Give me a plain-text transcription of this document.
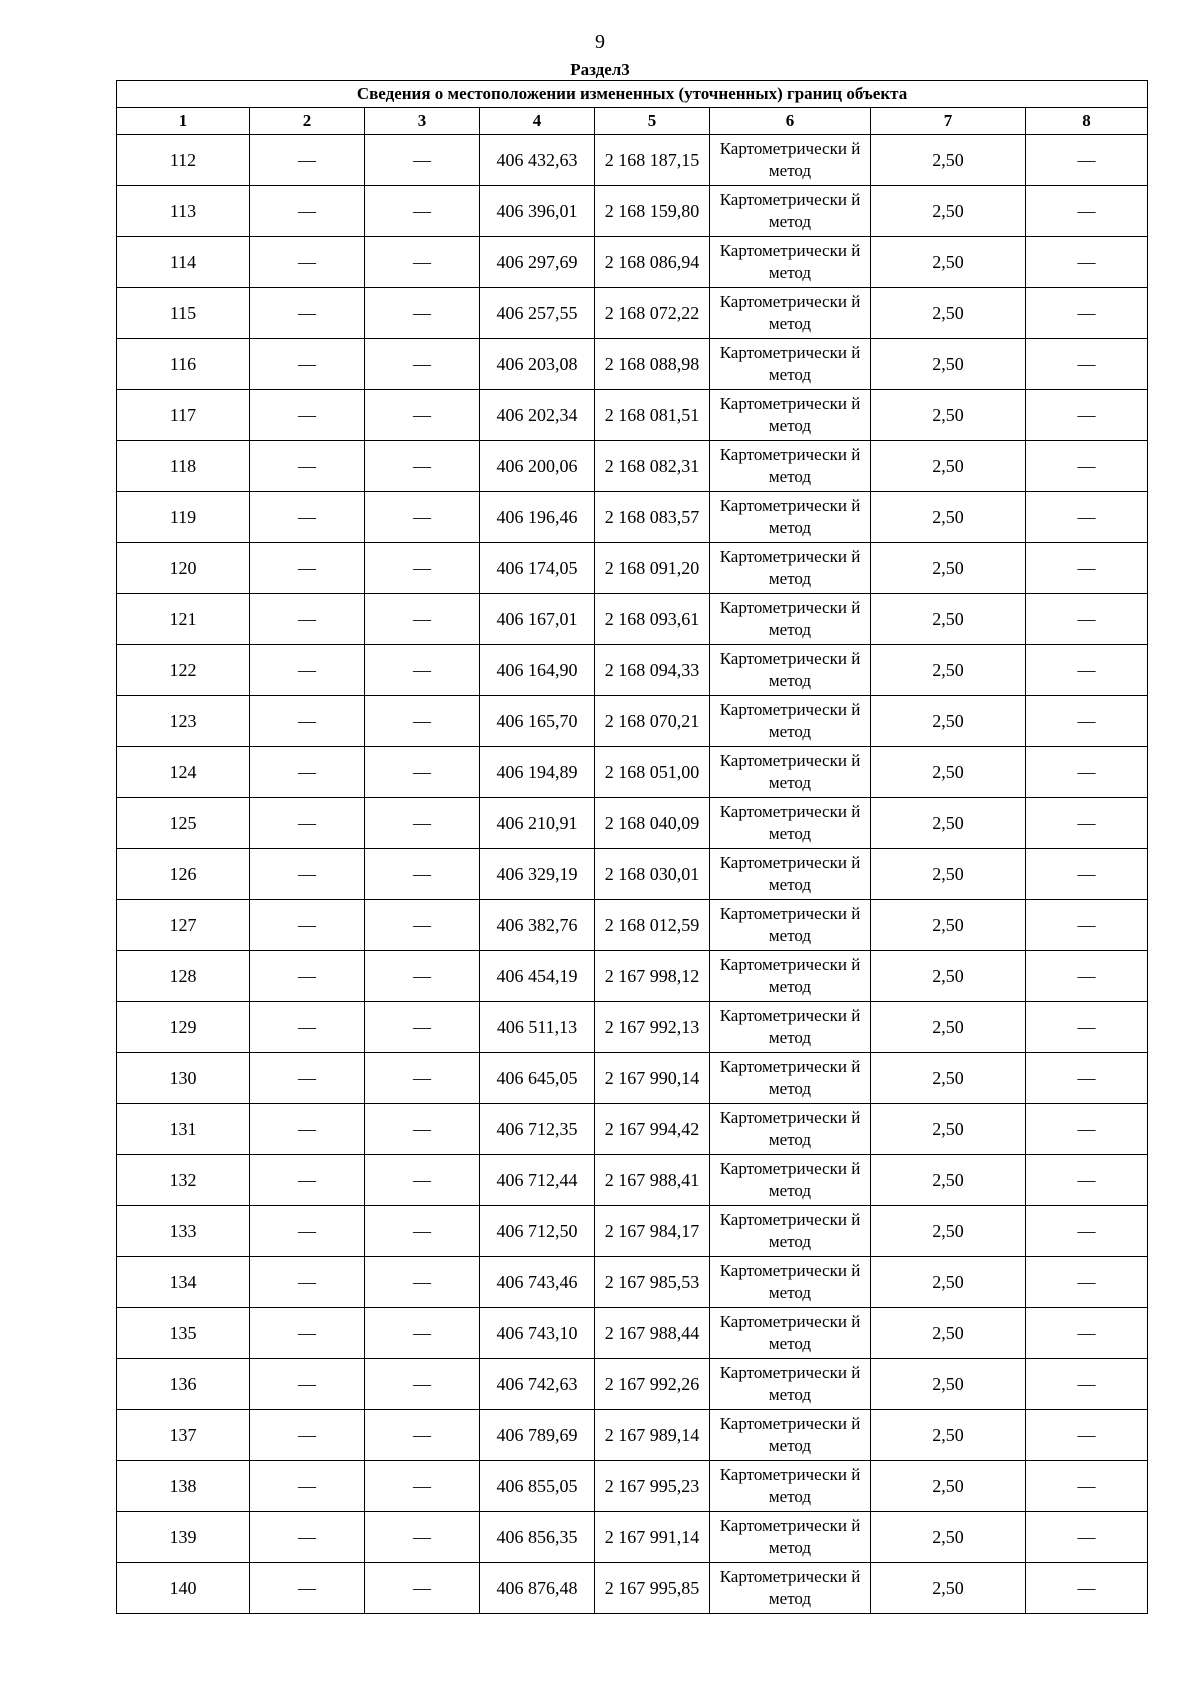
9
Раздел3
Сведения о местоположении измененных (уточненных) границ объекта							
1	2	3	4	5	6	7	8
112	—	—	406 432,63	2 168 187,15	Картометрически й метод	2,50	—
113	—	—	406 396,01	2 168 159,80	Картометрически й метод	2,50	—
114	—	—	406 297,69	2 168 086,94	Картометрически й метод	2,50	—
115	—	—	406 257,55	2 168 072,22	Картометрически й метод	2,50	—
116	—	—	406 203,08	2 168 088,98	Картометрически й метод	2,50	—
117	—	—	406 202,34	2 168 081,51	Картометрически й метод	2,50	—
118	—	—	406 200,06	2 168 082,31	Картометрически й метод	2,50	—
119	—	—	406 196,46	2 168 083,57	Картометрически й метод	2,50	—
120	—	—	406 174,05	2 168 091,20	Картометрически й метод	2,50	—
121	—	—	406 167,01	2 168 093,61	Картометрически й метод	2,50	—
122	—	—	406 164,90	2 168 094,33	Картометрически й метод	2,50	—
123	—	—	406 165,70	2 168 070,21	Картометрически й метод	2,50	—
124	—	—	406 194,89	2 168 051,00	Картометрически й метод	2,50	—
125	—	—	406 210,91	2 168 040,09	Картометрически й метод	2,50	—
126	—	—	406 329,19	2 168 030,01	Картометрически й метод	2,50	—
127	—	—	406 382,76	2 168 012,59	Картометрически й метод	2,50	—
128	—	—	406 454,19	2 167 998,12	Картометрически й метод	2,50	—
129	—	—	406 511,13	2 167 992,13	Картометрически й метод	2,50	—
130	—	—	406 645,05	2 167 990,14	Картометрически й метод	2,50	—
131	—	—	406 712,35	2 167 994,42	Картометрически й метод	2,50	—
132	—	—	406 712,44	2 167 988,41	Картометрически й метод	2,50	—
133	—	—	406 712,50	2 167 984,17	Картометрически й метод	2,50	—
134	—	—	406 743,46	2 167 985,53	Картометрически й метод	2,50	—
135	—	—	406 743,10	2 167 988,44	Картометрически й метод	2,50	—
136	—	—	406 742,63	2 167 992,26	Картометрически й метод	2,50	—
137	—	—	406 789,69	2 167 989,14	Картометрически й метод	2,50	—
138	—	—	406 855,05	2 167 995,23	Картометрически й метод	2,50	—
139	—	—	406 856,35	2 167 991,14	Картометрически й метод	2,50	—
140	—	—	406 876,48	2 167 995,85	Картометрически й метод	2,50	—
